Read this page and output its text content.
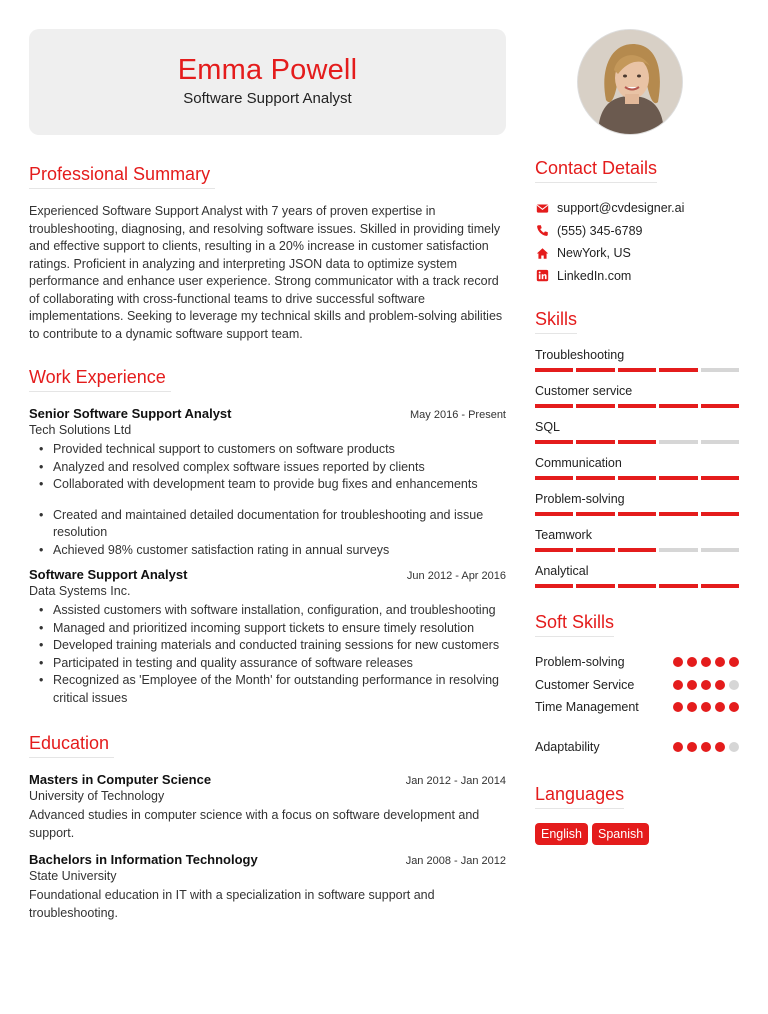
Emma Powell
Software Support Analyst
Professional Summary

Experienced Software Support Analyst with 7 years of proven expertise in troubleshooting, diagnosing, and resolving software issues. Skilled in providing timely and effective support to clients, resulting in a 20% increase in customer satisfaction ratings. Proficient in analyzing and interpreting JSON data to optimize system performance and enhance user experience. Strong communicator with a track record of collaborating with cross-functional teams to drive successful software implementations. Seeking to leverage my technical skills and problem-solving abilities to contribute to a dynamic software support team.

Work Experience
Senior Software Support Analyst	May 2016 - Present
Tech Solutions Ltd
• Provided technical support to customers on software products
• Analyzed and resolved complex software issues reported by clients
• Collaborated with development team to provide bug fixes and enhancements
• Created and maintained detailed documentation for troubleshooting and issue resolution
• Achieved 98% customer satisfaction rating in annual surveys
Software Support Analyst	Jun 2012 - Apr 2016
Data Systems Inc.
• Assisted customers with software installation, configuration, and troubleshooting
• Managed and prioritized incoming support tickets to ensure timely resolution
• Developed training materials and conducted training sessions for new customers
• Participated in testing and quality assurance of software releases
• Recognized as 'Employee of the Month' for outstanding performance in resolving critical issues
Education
Masters in Computer Science	Jan 2012 - Jan 2014
University of Technology
Advanced studies in computer science with a focus on software development and support.
Bachelors in Information Technology	Jan 2008 - Jan 2012
State University
Foundational education in IT with a specialization in software support and troubleshooting.
Contact Details
support@cvdesigner.ai
(555) 345-6789
NewYork, US
LinkedIn.com
Skills
Troubleshooting
Customer service
SQL
Communication
Problem-solving
Teamwork
Analytical
Soft Skills
Problem-solving
Customer Service
Time Management
Adaptability
Languages
English	Spanish
